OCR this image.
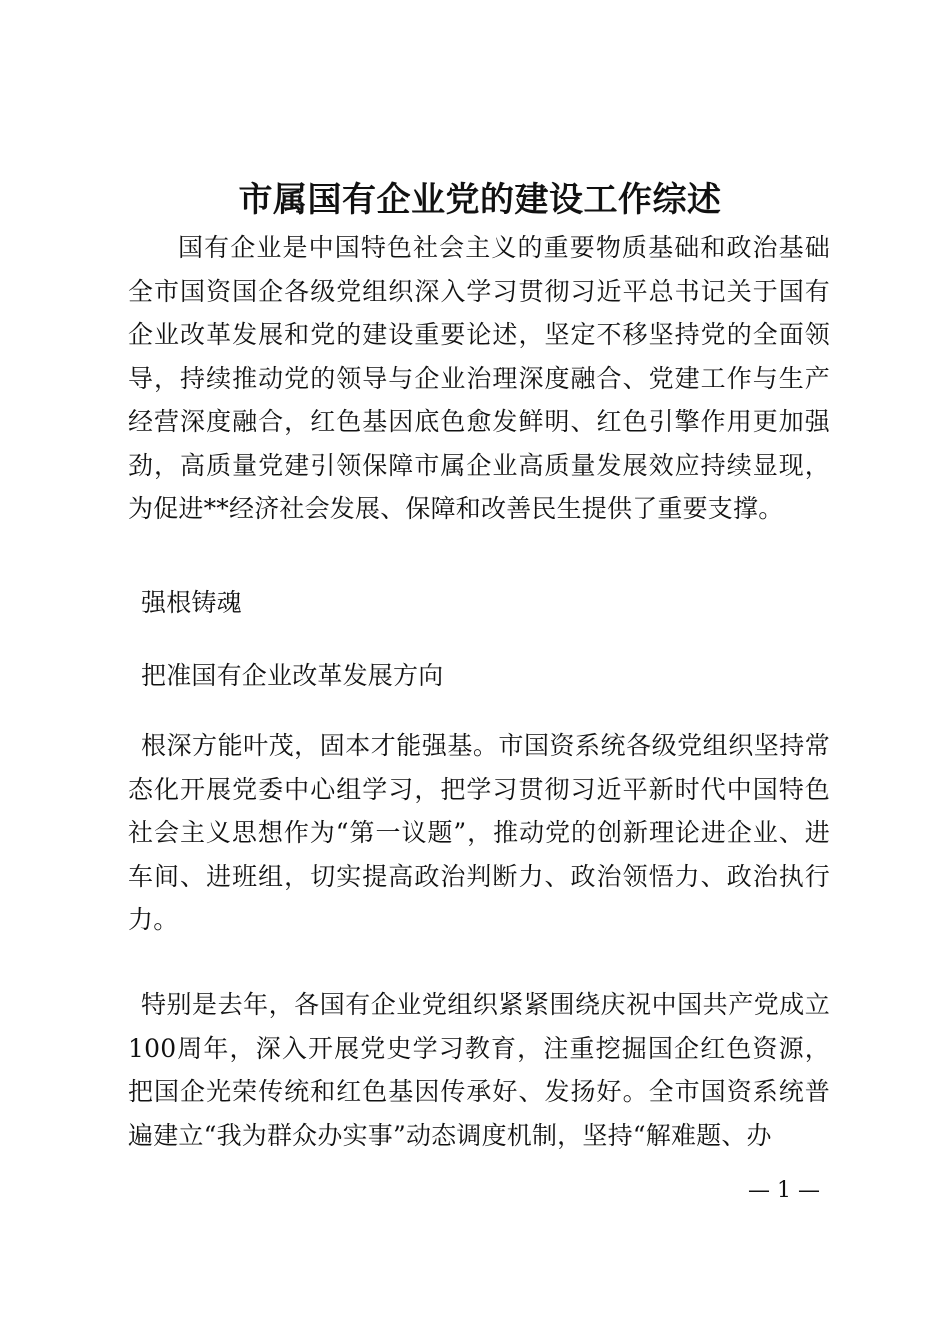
市属国有企业党的建设工作综述
国有企业是中国特色社会主义的重要物质基础和政治基础全市国资国企各级党组织深入学习贯彻习近平总书记关于国有企业改革发展和党的建设重要论述，坚定不移坚持党的全面领导，持续推动党的领导与企业治理深度融合、党建工作与生产经营深度融合，红色基因底色愈发鲜明、红色引擎作用更加强劲，高质量党建引领保障市属企业高质量发展效应持续显现，为促进**经济社会发展、保障和改善民生提供了重要支撑。
强根铸魂
把准国有企业改革发展方向
根深方能叶茂，固本才能强基。市国资系统各级党组织坚持常态化开展党委中心组学习，把学习贯彻习近平新时代中国特色社会主义思想作为“第一议题”，推动党的创新理论进企业、进车间、进班组，切实提高政治判断力、政治领悟力、政治执行力。
特别是去年，各国有企业党组织紧紧围绕庆祝中国共产党成立100周年，深入开展党史学习教育，注重挖掘国企红色资源，把国企光荣传统和红色基因传承好、发扬好。全市国资系统普遍建立“我为群众办实事”动态调度机制，坚持“解难题、办
— 1 —
